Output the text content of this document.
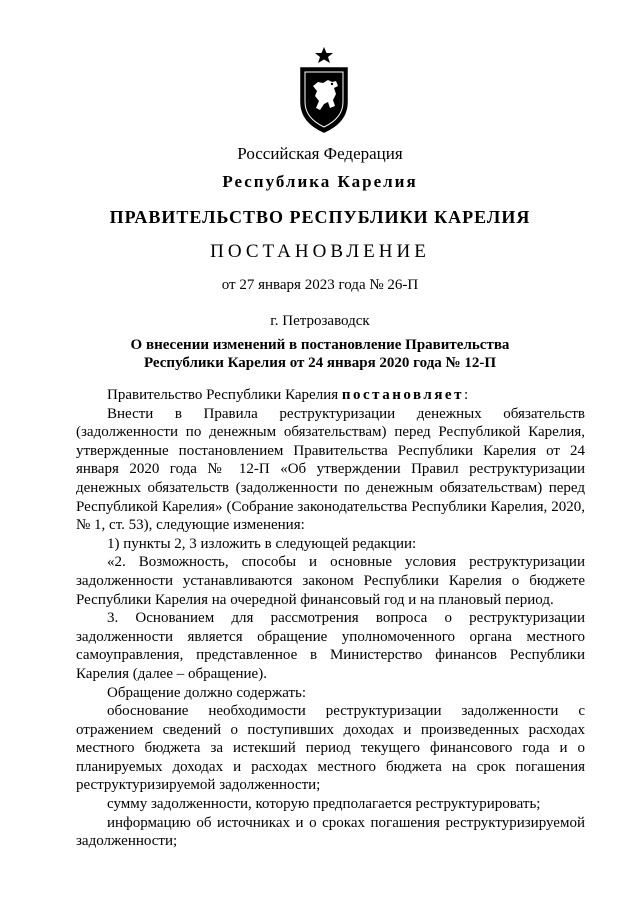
Российская Федерация
Республика Карелия
ПРАВИТЕЛЬСТВО РЕСПУБЛИКИ КАРЕЛИЯ
ПОСТАНОВЛЕНИЕ
от 27 января 2023 года № 26-П
г. Петрозаводск
О внесении изменений в постановление Правительства
Республики Карелия от 24 января 2020 года № 12-П

Правительство Республики Карелия постановляет:

Внести в Правила реструктуризации денежных обязательств (задолженности по денежным обязательствам) перед Республикой Карелия, утвержденные постановлением Правительства Республики Карелия от 24 января 2020 года № 12-П «Об утверждении Правил реструктуризации денежных обязательств (задолженности по денежным обязательствам) перед Республикой Карелия» (Собрание законодательства Республики Карелия, 2020, № 1, ст. 53), следующие изменения:

1) пункты 2, 3 изложить в следующей редакции:

«2. Возможность, способы и основные условия реструктуризации задолженности устанавливаются законом Республики Карелия о бюджете Республики Карелия на очередной финансовый год и на плановый период.

3. Основанием для рассмотрения вопроса о реструктуризации задолженности является обращение уполномоченного органа местного самоуправления, представленное в Министерство финансов Республики Карелия (далее – обращение).

Обращение должно содержать:

обоснование необходимости реструктуризации задолженности с отражением сведений о поступивших доходах и произведенных расходах местного бюджета за истекший период текущего финансового года и о планируемых доходах и расходах местного бюджета на срок погашения реструктуризируемой задолженности;

сумму задолженности, которую предполагается реструктурировать;

информацию об источниках и о сроках погашения реструктуризируемой задолженности;
